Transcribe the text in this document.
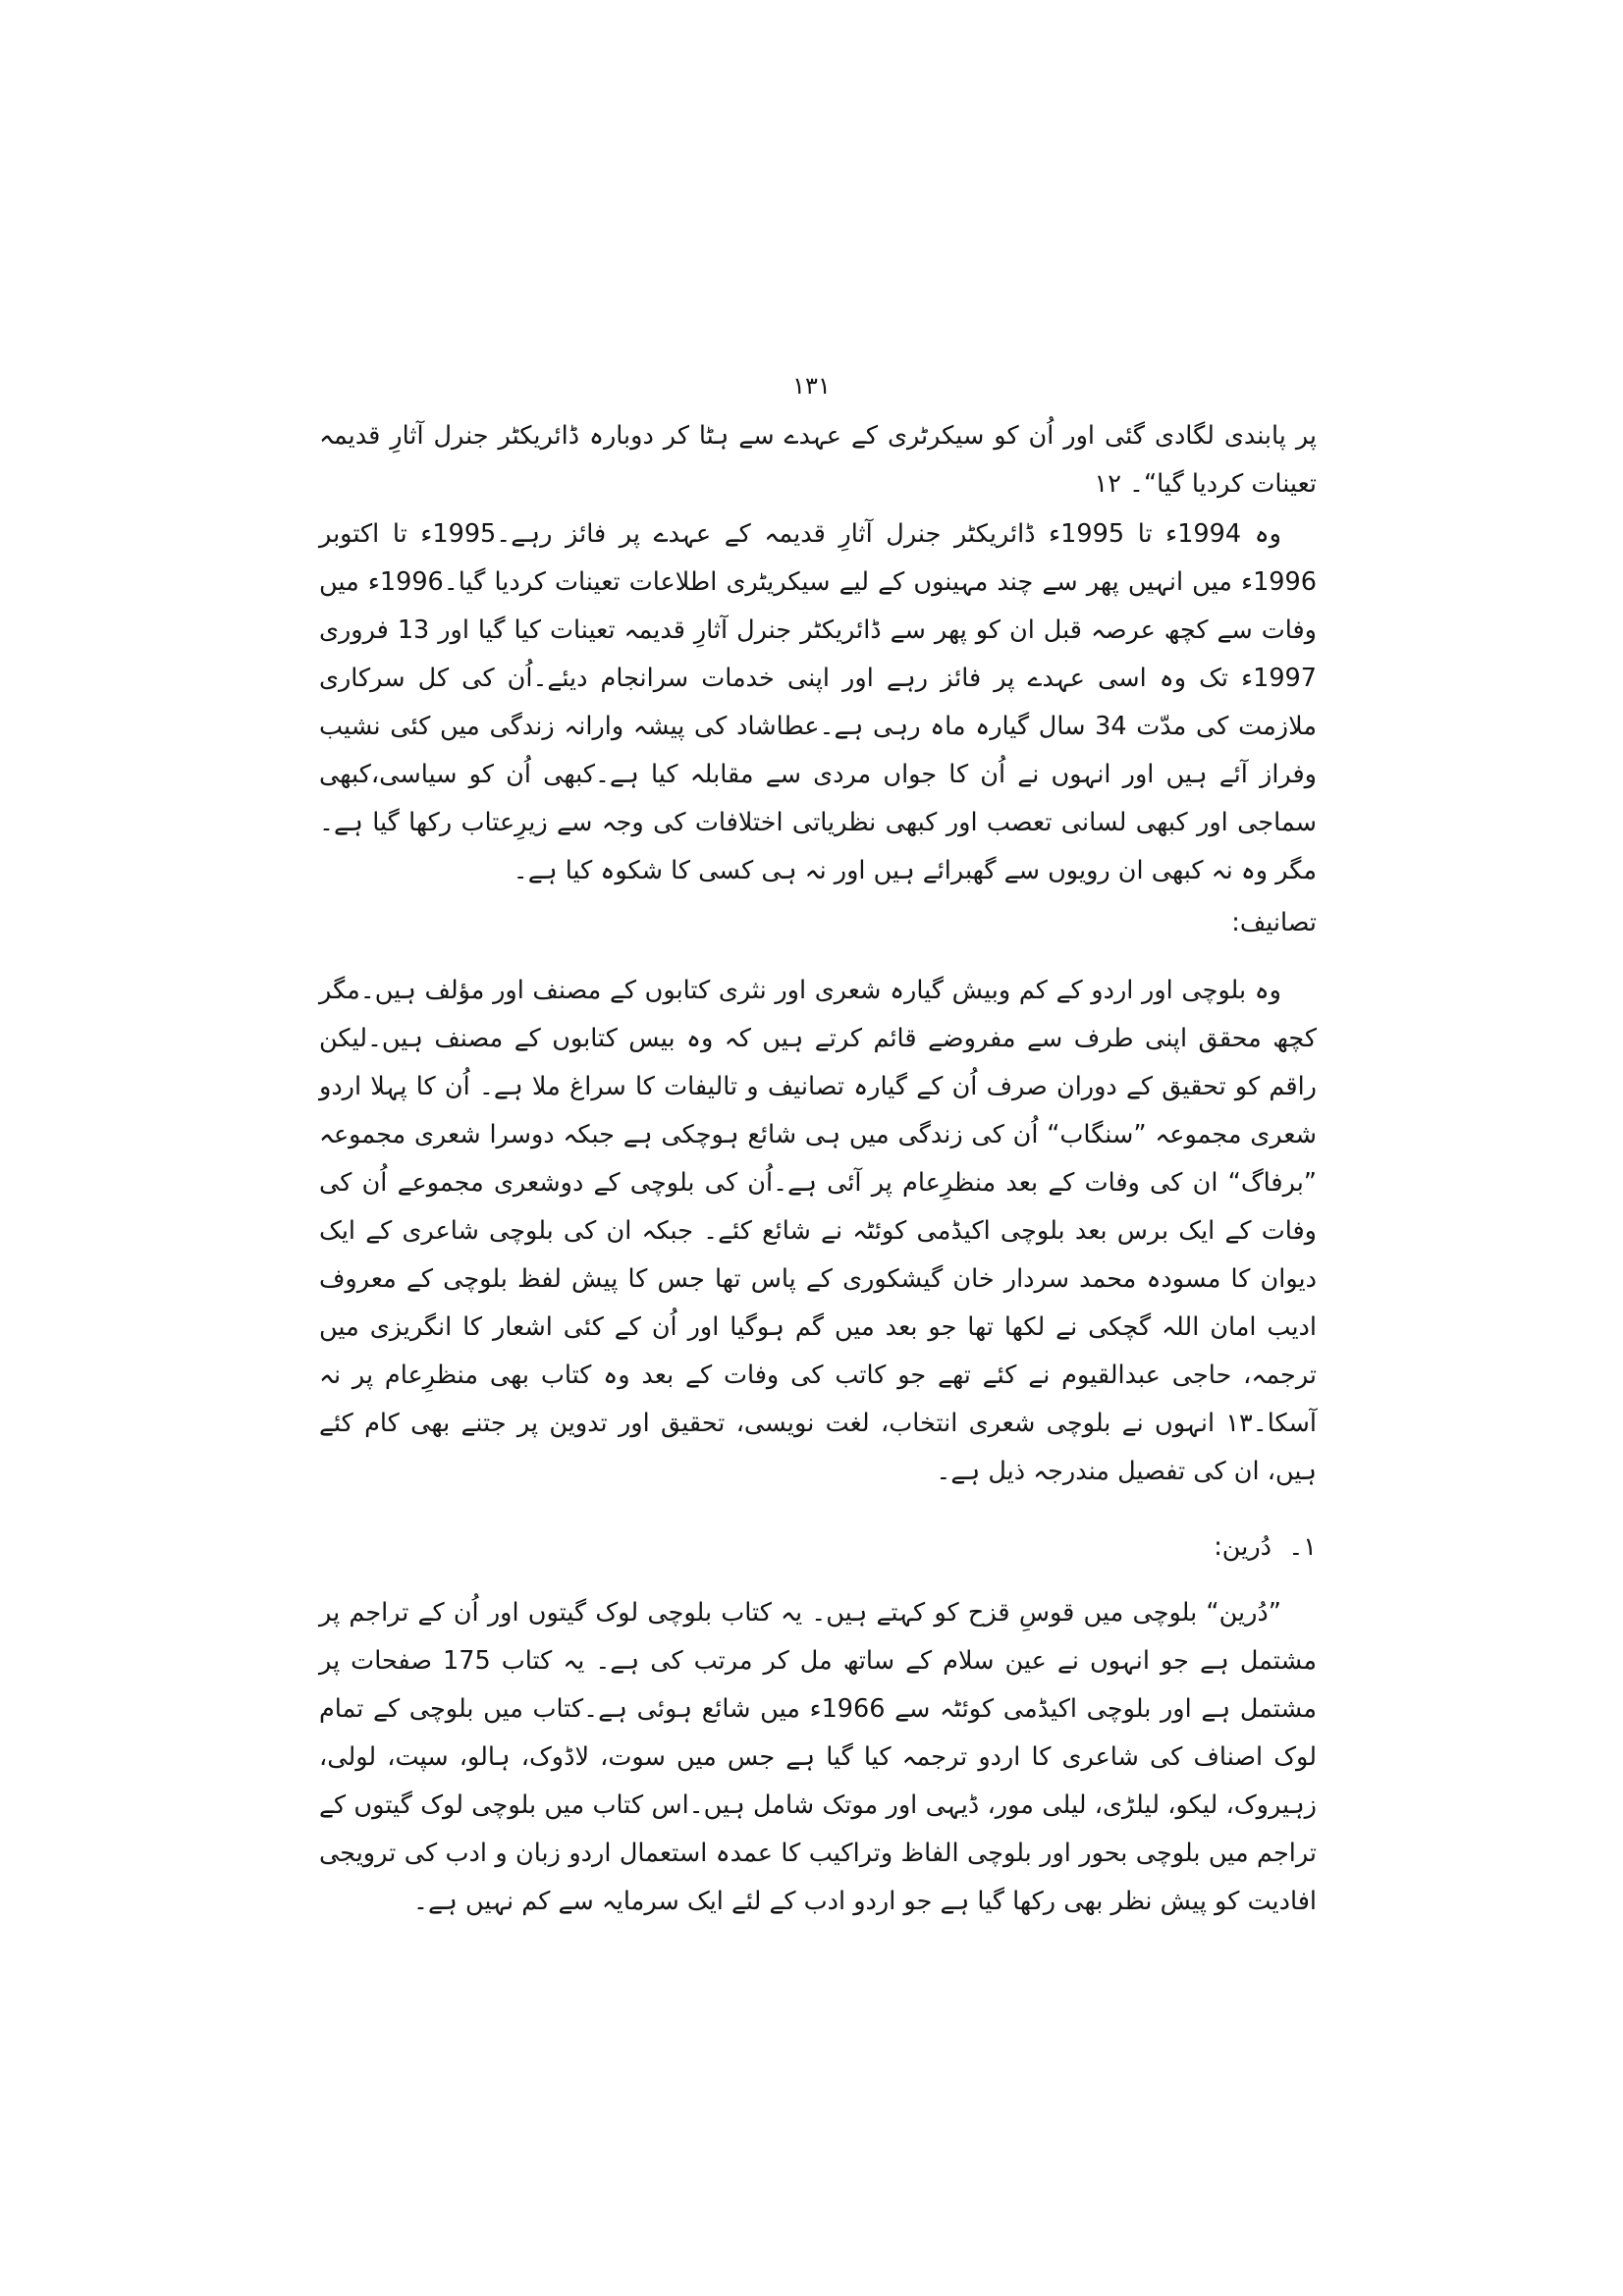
۱۳۱

پر پابندی لگادی گئی اور اُن کو سیکرٹری کے عہدے سے ہٹا کر دوبارہ ڈائریکٹر جنرل آثارِ قدیمہ تعینات کردیا گیا“۔ ۱۲

وہ 1994ء تا 1995ء ڈائریکٹر جنرل آثارِ قدیمہ کے عہدے پر فائز رہے۔1995ء تا اکتوبر 1996ء میں انہیں پھر سے چند مہینوں کے لیے سیکریٹری اطلاعات تعینات کردیا گیا۔1996ء میں وفات سے کچھ عرصہ قبل ان کو پھر سے ڈائریکٹر جنرل آثارِ قدیمہ تعینات کیا گیا اور 13 فروری 1997ء تک وہ اسی عہدے پر فائز رہے اور اپنی خدمات سرانجام دیئے۔اُن کی کل سرکاری ملازمت کی مدّت 34 سال گیارہ ماہ رہی ہے۔عطاشاد کی پیشہ وارانہ زندگی میں کئی نشیب وفراز آئے ہیں اور انہوں نے اُن کا جواں مردی سے مقابلہ کیا ہے۔کبھی اُن کو سیاسی،کبھی سماجی اور کبھی لسانی تعصب اور کبھی نظریاتی اختلافات کی وجہ سے زیرِعتاب رکھا گیا ہے۔مگر وہ نہ کبھی ان رویوں سے گھبرائے ہیں اور نہ ہی کسی کا شکوہ کیا ہے۔

تصانیف:

وہ بلوچی اور اردو کے کم وبیش گیارہ شعری اور نثری کتابوں کے مصنف اور مؤلف ہیں۔مگر کچھ محقق اپنی طرف سے مفروضے قائم کرتے ہیں کہ وہ بیس کتابوں کے مصنف ہیں۔لیکن راقم کو تحقیق کے دوران صرف اُن کے گیارہ تصانیف و تالیفات کا سراغ ملا ہے۔ اُن کا پہلا اردو شعری مجموعہ ”سنگاب“ اُن کی زندگی میں ہی شائع ہوچکی ہے جبکہ دوسرا شعری مجموعہ ”برفاگ“ ان کی وفات کے بعد منظرِعام پر آئی ہے۔اُن کی بلوچی کے دوشعری مجموعے اُن کی وفات کے ایک برس بعد بلوچی اکیڈمی کوئٹہ نے شائع کئے۔ جبکہ ان کی بلوچی شاعری کے ایک دیوان کا مسودہ محمد سردار خان گیشکوری کے پاس تھا جس کا پیش لفظ بلوچی کے معروف ادیب امان اللہ گچکی نے لکھا تھا جو بعد میں گم ہوگیا اور اُن کے کئی اشعار کا انگریزی میں ترجمہ، حاجی عبدالقیوم نے کئے تھے جو کاتب کی وفات کے بعد وہ کتاب بھی منظرِعام پر نہ آسکا۔۱۳ انہوں نے بلوچی شعری انتخاب، لغت نویسی، تحقیق اور تدوین پر جتنے بھی کام کئے ہیں، ان کی تفصیل مندرجہ ذیل ہے۔

۱۔دُرین:

”دُرین“ بلوچی میں قوسِ قزح کو کہتے ہیں۔ یہ کتاب بلوچی لوک گیتوں اور اُن کے تراجم پر مشتمل ہے جو انہوں نے عین سلام کے ساتھ مل کر مرتب کی ہے۔ یہ کتاب 175 صفحات پر مشتمل ہے اور بلوچی اکیڈمی کوئٹہ سے 1966ء میں شائع ہوئی ہے۔کتاب میں بلوچی کے تمام لوک اصناف کی شاعری کا اردو ترجمہ کیا گیا ہے جس میں سوت، لاڈوک، ہالو، سپت، لولی، زہیروک، لیکو، لیلڑی، لیلی مور، ڈیہی اور موتک شامل ہیں۔اس کتاب میں بلوچی لوک گیتوں کے تراجم میں بلوچی بحور اور بلوچی الفاظ وتراکیب کا عمدہ استعمال اردو زبان و ادب کی ترویجی افادیت کو پیش نظر بھی رکھا گیا ہے جو اردو ادب کے لئے ایک سرمایہ سے کم نہیں ہے۔
